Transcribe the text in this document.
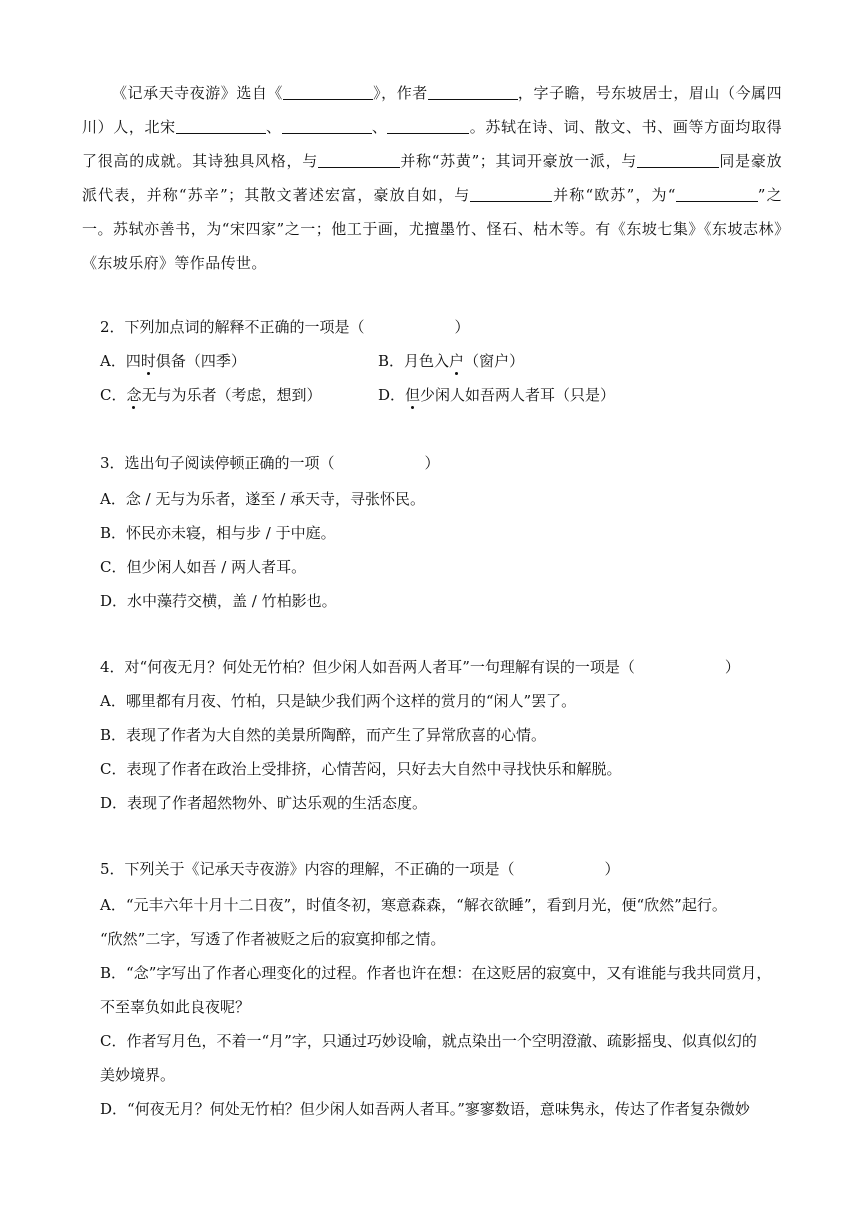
《记承天寺夜游》选自《	》，作者	，字子瞻，号东坡居士，眉山（今属四川）人，北宋	、	、	。苏轼在诗、词、散文、书、画等方面均取得了很高的成就。其诗独具风格，与	并称“苏黄”；其词开豪放一派，与	同是豪放派代表，并称“苏辛”；其散文著述宏富，豪放自如，与	并称“欧苏”，为“	”之一。苏轼亦善书，为“宋四家”之一；他工于画，尤擅墨竹、怪石、枯木等。有《东坡七集》《东坡志林》《东坡乐府》等作品传世。

2．下列加点词的解释不正确的一项是（	）

A．四时俱备（四季）	B．月色入户（窗户）

C．念无与为乐者（考虑，想到）	D．但少闲人如吾两人者耳（只是）

3．选出句子阅读停顿正确的一项（	）

A．念 / 无与为乐者，遂至 / 承天寺，寻张怀民。

B．怀民亦未寝，相与步 / 于中庭。

C．但少闲人如吾 / 两人者耳。

D．水中藻荇交横，盖 / 竹柏影也。

4．对“何夜无月？何处无竹柏？但少闲人如吾两人者耳”一句理解有误的一项是（	）

A．哪里都有月夜、竹柏，只是缺少我们两个这样的赏月的“闲人”罢了。

B．表现了作者为大自然的美景所陶醉，而产生了异常欣喜的心情。

C．表现了作者在政治上受排挤，心情苦闷，只好去大自然中寻找快乐和解脱。

D．表现了作者超然物外、旷达乐观的生活态度。

5．下列关于《记承天寺夜游》内容的理解，不正确的一项是（	）

A．“元丰六年十月十二日夜”，时值冬初，寒意森森，“解衣欲睡”，看到月光，便“欣然”起行。

“欣然”二字，写透了作者被贬之后的寂寞抑郁之情。

B．“念”字写出了作者心理变化的过程。作者也许在想：在这贬居的寂寞中，又有谁能与我共同赏月，

不至辜负如此良夜呢？

C．作者写月色，不着一“月”字，只通过巧妙设喻，就点染出一个空明澄澈、疏影摇曳、似真似幻的

美妙境界。

D．“何夜无月？何处无竹柏？但少闲人如吾两人者耳。”寥寥数语，意味隽永，传达了作者复杂微妙
